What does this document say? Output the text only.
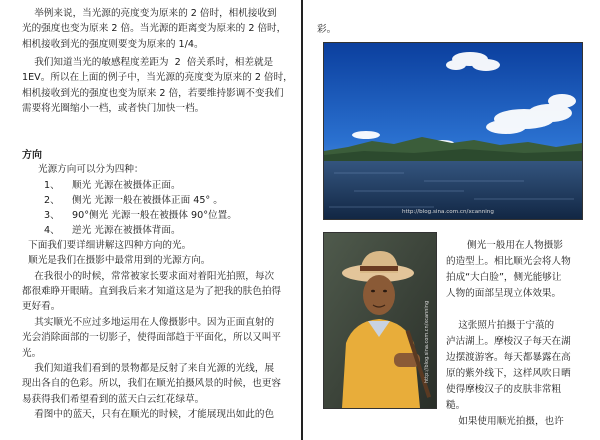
举例来说，当光源的亮度变为原来的 2 倍时，相机接收到
光的强度也变为原来 2 倍。当光源的距离变为原来的 2 倍时，
相机接收到光的强度则要变为原来的 1/4。

我们知道当光的敏感程度差距为  2  倍关系时，相差就是
1EV。所以在上面的例子中，当光源的亮度变为原来的 2 倍时，
相机接收到光的强度也变为原来 2 倍，若要维持影调不变我们
需要将光圈缩小一档，或者快门加快一档。

方向
光源方向可以分为四种：
1、 顺光 光源在被摄体正面。
2、 侧光 光源一般在被摄体正面 45° 。
3、 90°侧光 光源一般在被摄体 90°位置。
4、 逆光 光源在被摄体背面。

下面我们要详细讲解这四种方向的光。
顺光是我们在摄影中最常用到的光源方向。
在我很小的时候，常常被家长要求面对着阳光拍照，每次
都很难睁开眼睛。直到我后来才知道这是为了把我的肤色拍得
更好看。

其实顺光不应过多地运用在人像摄影中。因为正面直射的
光会消除面部的一切影子，使得面部趋于平面化，所以又叫平
光。

我们知道我们看到的景物都是反射了来自光源的光线，展
现出各自的色彩。所以，我们在顺光拍摄风景的时候，也更容
易获得我们希望看到的蓝天白云红花绿草。
看图中的蓝天，只有在顺光的时候，才能展现出如此的色

彩。
http://blog.sina.com.cn/xcanning
http://blog.sina.com.cn/xcanning
侧光一般用在人物摄影
的造型上。相比顺光会将人物
拍成“大白脸”，侧光能够让
人物的面部呈现立体效果。
这张照片拍摄于宁蒗的
泸沽湖上。摩梭汉子每天在湖
边摆渡游客。每天都暴露在高
原的紫外线下，这样风吹日晒
使得摩梭汉子的皮肤非常粗
糙。
如果使用顺光拍摄，也许
